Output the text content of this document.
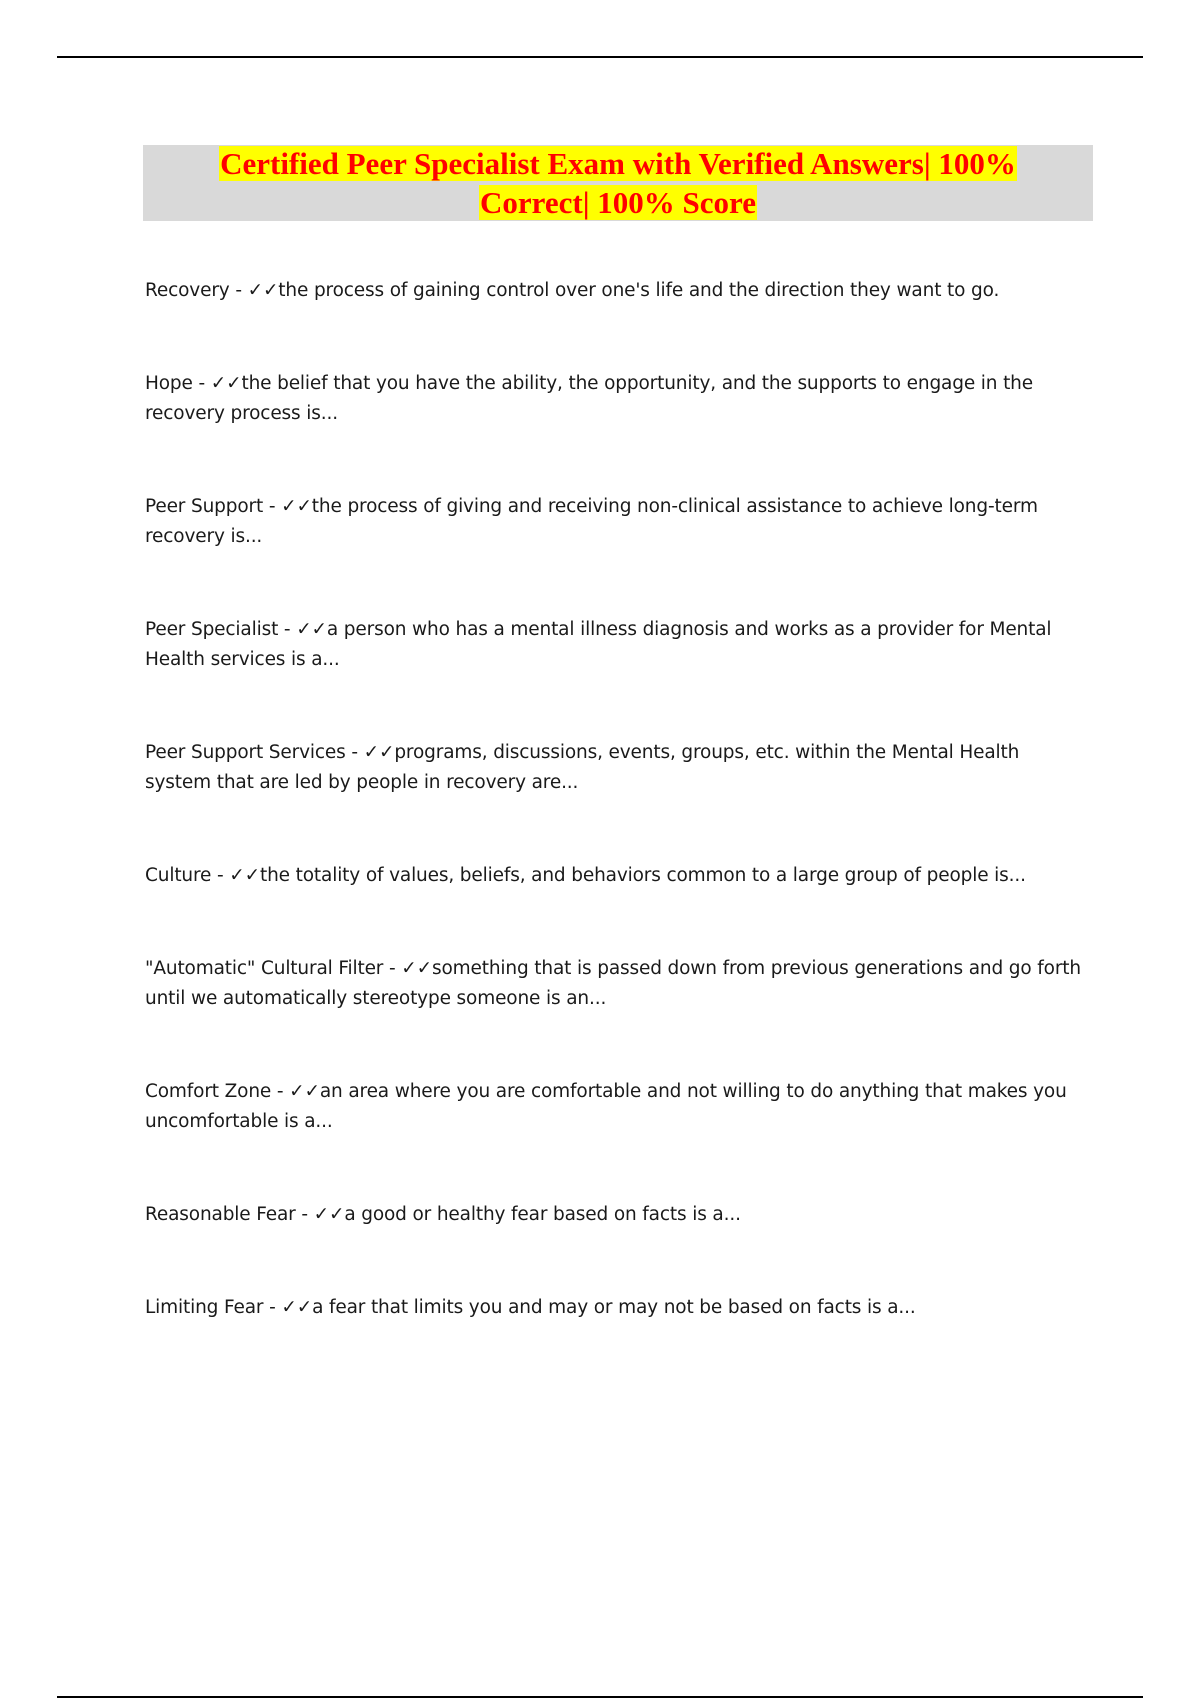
Certified Peer Specialist Exam with Verified Answers| 100%
Correct| 100% Score

Recovery - ✓✓the process of gaining control over one's life and the direction they want to go.

Hope - ✓✓the belief that you have the ability, the opportunity, and the supports to engage in the recovery process is...

Peer Support - ✓✓the process of giving and receiving non-clinical assistance to achieve long-term recovery is...

Peer Specialist - ✓✓a person who has a mental illness diagnosis and works as a provider for Mental Health services is a...

Peer Support Services - ✓✓programs, discussions, events, groups, etc. within the Mental Health system that are led by people in recovery are...

Culture - ✓✓the totality of values, beliefs, and behaviors common to a large group of people is...

"Automatic" Cultural Filter - ✓✓something that is passed down from previous generations and go forth until we automatically stereotype someone is an...

Comfort Zone - ✓✓an area where you are comfortable and not willing to do anything that makes you uncomfortable is a...

Reasonable Fear - ✓✓a good or healthy fear based on facts is a...

Limiting Fear - ✓✓a fear that limits you and may or may not be based on facts is a...
